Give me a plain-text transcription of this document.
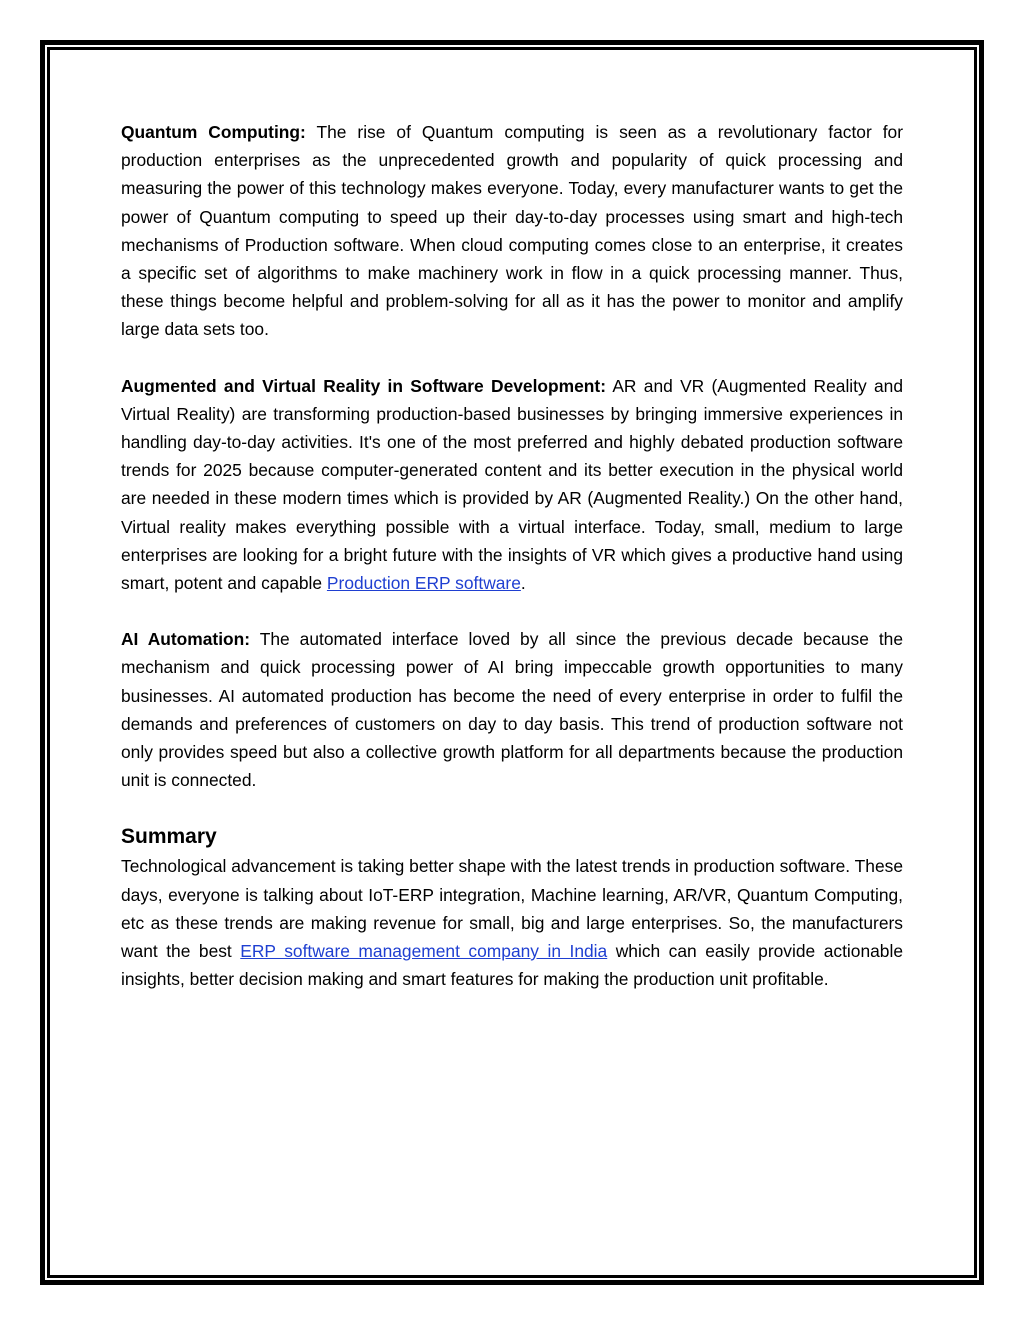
Quantum Computing: The rise of Quantum computing is seen as a revolutionary factor for production enterprises as the unprecedented growth and popularity of quick processing and measuring the power of this technology makes everyone. Today, every manufacturer wants to get the power of Quantum computing to speed up their day-to-day processes using smart and high-tech mechanisms of Production software. When cloud computing comes close to an enterprise, it creates a specific set of algorithms to make machinery work in flow in a quick processing manner. Thus, these things become helpful and problem-solving for all as it has the power to monitor and amplify large data sets too.

Augmented and Virtual Reality in Software Development: AR and VR (Augmented Reality and Virtual Reality) are transforming production-based businesses by bringing immersive experiences in handling day-to-day activities. It's one of the most preferred and highly debated production software trends for 2025 because computer-generated content and its better execution in the physical world are needed in these modern times which is provided by AR (Augmented Reality.) On the other hand, Virtual reality makes everything possible with a virtual interface. Today, small, medium to large enterprises are looking for a bright future with the insights of VR which gives a productive hand using smart, potent and capable Production ERP software.

AI Automation: The automated interface loved by all since the previous decade because the mechanism and quick processing power of AI bring impeccable growth opportunities to many businesses. AI automated production has become the need of every enterprise in order to fulfil the demands and preferences of customers on day to day basis. This trend of production software not only provides speed but also a collective growth platform for all departments because the production unit is connected.

Summary

Technological advancement is taking better shape with the latest trends in production software. These days, everyone is talking about IoT-ERP integration, Machine learning, AR/VR, Quantum Computing, etc as these trends are making revenue for small, big and large enterprises. So, the manufacturers want the best ERP software management company in India which can easily provide actionable insights, better decision making and smart features for making the production unit profitable.
